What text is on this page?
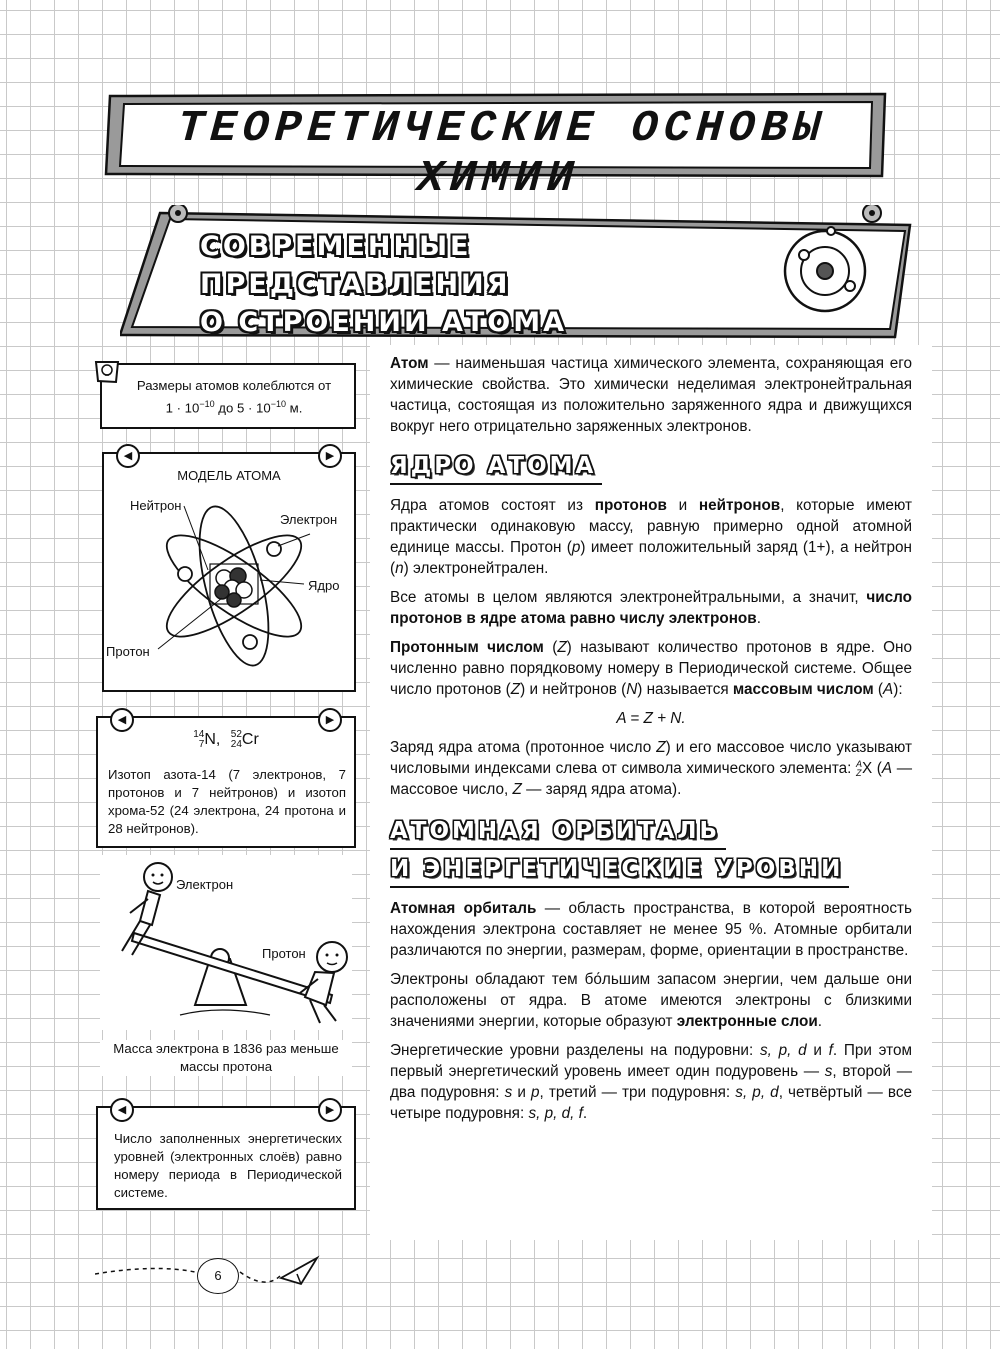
ТЕОРЕТИЧЕСКИЕ ОСНОВЫ ХИМИИ
СОВРЕМЕННЫЕ ПРЕДСТАВЛЕНИЯ
О СТРОЕНИИ АТОМА
Размеры атомов колеблются от
$1 \cdot 10^{-10}$ до $5 \cdot 10^{-10}$ м.
◀	▶
МОДЕЛЬ АТОМА
Нейтрон
Электрон
Ядро
Протон
◀	▶
14
7 N, 52
24 Cr
Изотоп азота-14 (7 электронов, 7 протонов и 7 нейтронов) и изотоп хрома-52 (24 электрона, 24 протона и 28 нейтронов).
Электрон
Протон
Масса электрона в 1836 раз меньше массы протона
◀	▶
Число заполненных энергетических уровней (электронных слоёв) равно номеру периода в Периодической системе.

Атом — наименьшая частица химического элемента, сохраняющая его химические свойства. Это химически неделимая электронейтральная частица, состоящая из положительно заряженного ядра и движущихся вокруг него отрицательно заряженных электронов.

ЯДРО АТОМА

Ядра атомов состоят из протонов и нейтронов, которые имеют практически одинаковую массу, равную примерно одной атомной единице массы. Протон (p) имеет положительный заряд (1+), а нейтрон (n) электронейтрален.

Все атомы в целом являются электронейтральными, а значит, число протонов в ядре атома равно числу электронов.

Протонным числом (Z) называют количество протонов в ядре. Оно численно равно порядковому номеру в Периодической системе. Общее число протонов (Z) и нейтронов (N) называется массовым числом (A):

A = Z + N.

Заряд ядра атома (протонное число Z) и его массовое число указывают числовыми индексами слева от символа химического элемента: A
Z X (A — массовое число, Z — заряд ядра атома).

АТОМНАЯ ОРБИТАЛЬ
И ЭНЕРГЕТИЧЕСКИЕ УРОВНИ

Атомная орбиталь — область пространства, в которой вероятность нахождения электрона составляет не менее 95 %. Атомные орбитали различаются по энергии, размерам, форме, ориентации в пространстве.

Электроны обладают тем бо́льшим запасом энергии, чем дальше они расположены от ядра. В атоме имеются электроны с близкими значениями энергии, которые образуют электронные слои.

Энергетические уровни разделены на подуровни: s, p, d и f. При этом первый энергетический уровень имеет один подуровень — s, второй — два подуровня: s и p, третий — три подуровня: s, p, d, четвёртый — все четыре подуровня: s, p, d, f.

6
